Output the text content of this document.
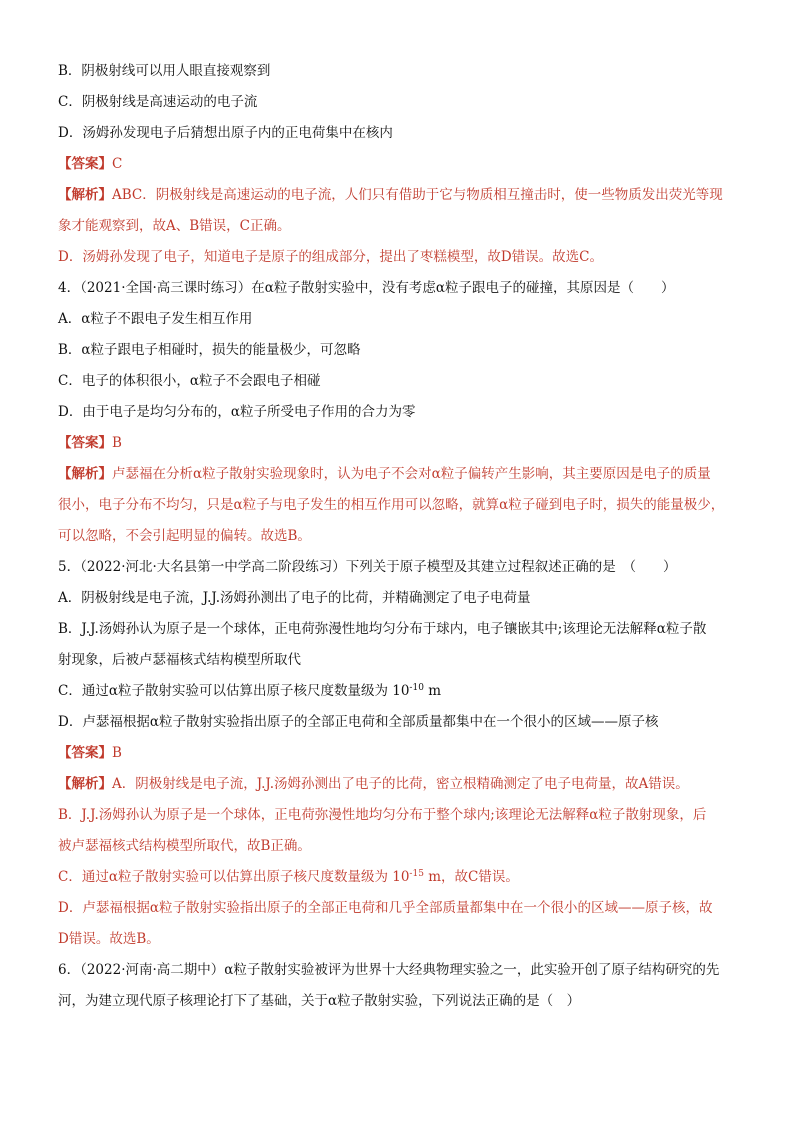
B．阴极射线可以用人眼直接观察到
C．阴极射线是高速运动的电子流
D．汤姆孙发现电子后猜想出原子内的正电荷集中在核内
【答案】C
【解析】ABC．阴极射线是高速运动的电子流，人们只有借助于它与物质相互撞击时，使一些物质发出荧光等现
象才能观察到，故A、B错误，C正确。
D．汤姆孙发现了电子，知道电子是原子的组成部分，提出了枣糕模型，故D错误。故选C。
4．（2021·全国·高三课时练习）在α粒子散射实验中，没有考虑α粒子跟电子的碰撞，其原因是（　　）
A．α粒子不跟电子发生相互作用
B．α粒子跟电子相碰时，损失的能量极少，可忽略
C．电子的体积很小，α粒子不会跟电子相碰
D．由于电子是均匀分布的，α粒子所受电子作用的合力为零
【答案】B
【解析】卢瑟福在分析α粒子散射实验现象时，认为电子不会对α粒子偏转产生影响，其主要原因是电子的质量
很小，电子分布不均匀，只是α粒子与电子发生的相互作用可以忽略，就算α粒子碰到电子时，损失的能量极少，
可以忽略，不会引起明显的偏转。故选B。
5．（2022·河北·大名县第一中学高二阶段练习）下列关于原子模型及其建立过程叙述正确的是　（　　）
A．阴极射线是电子流，J.J.汤姆孙测出了电子的比荷，并精确测定了电子电荷量
B．J.J.汤姆孙认为原子是一个球体，正电荷弥漫性地均匀分布于球内，电子镶嵌其中;该理论无法解释α粒子散
射现象，后被卢瑟福核式结构模型所取代
C．通过α粒子散射实验可以估算出原子核尺度数量级为 $10^{-10}$ m
D．卢瑟福根据α粒子散射实验指出原子的全部正电荷和全部质量都集中在一个很小的区域——原子核
【答案】B
【解析】A．阴极射线是电子流，J.J.汤姆孙测出了电子的比荷，密立根精确测定了电子电荷量，故A错误。
B．J.J.汤姆孙认为原子是一个球体，正电荷弥漫性地均匀分布于整个球内;该理论无法解释α粒子散射现象，后
被卢瑟福核式结构模型所取代，故B正确。
C．通过α粒子散射实验可以估算出原子核尺度数量级为 $10^{-15}$ m，故C错误。
D．卢瑟福根据α粒子散射实验指出原子的全部正电荷和几乎全部质量都集中在一个很小的区域——原子核，故
D错误。故选B。
6．（2022·河南·高二期中）α粒子散射实验被评为世界十大经典物理实验之一，此实验开创了原子结构研究的先
河，为建立现代原子核理论打下了基础，关于α粒子散射实验，下列说法正确的是（　）
